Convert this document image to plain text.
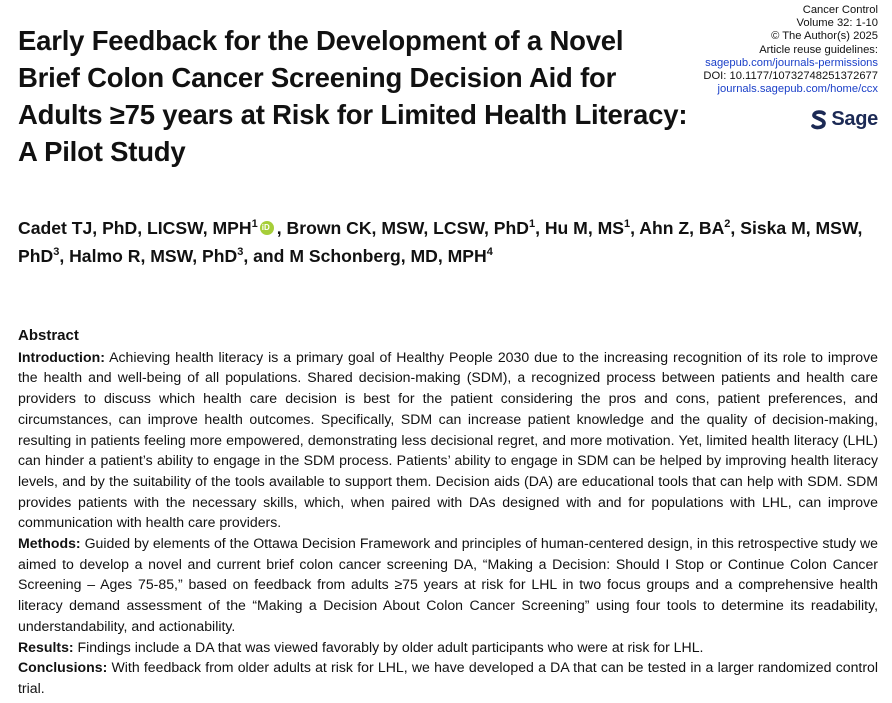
Early Feedback for the Development of a Novel Brief Colon Cancer Screening Decision Aid for Adults ≥75 years at Risk for Limited Health Literacy: A Pilot Study
Cancer Control
Volume 32: 1-10
© The Author(s) 2025
Article reuse guidelines:
sagepub.com/journals-permissions
DOI: 10.1177/10732748251372677
journals.sagepub.com/home/ccx
Sage
Cadet TJ, PhD, LICSW, MPH$^1$iD , Brown CK, MSW, LCSW, PhD$^1$, Hu M, $MS^1$, Ahn Z, $BA^2$, Siska M, MSW, PhD$^3$, Halmo R, MSW, PhD$^3$, and M Schonberg, MD, MPH$^4$
Abstract

Introduction: Achieving health literacy is a primary goal of Healthy People 2030 due to the increasing recognition of its role to improve the health and well-being of all populations. Shared decision-making (SDM), a recognized process between patients and health care providers to discuss which health care decision is best for the patient considering the pros and cons, patient preferences, and circumstances, can improve health outcomes. Specifically, SDM can increase patient knowledge and the quality of decision-making, resulting in patients feeling more empowered, demonstrating less decisional regret, and more motivation. Yet, limited health literacy (LHL) can hinder a patient’s ability to engage in the SDM process. Patients’ ability to engage in SDM can be helped by improving health literacy levels, and by the suitability of the tools available to support them. Decision aids (DA) are educational tools that can help with SDM. SDM provides patients with the necessary skills, which, when paired with DAs designed with and for populations with LHL, can improve communication with health care providers.

Methods: Guided by elements of the Ottawa Decision Framework and principles of human-centered design, in this retrospective study we aimed to develop a novel and current brief colon cancer screening DA, “Making a Decision: Should I Stop or Continue Colon Cancer Screening – Ages 75-85,” based on feedback from adults ≥75 years at risk for LHL in two focus groups and a comprehensive health literacy demand assessment of the “Making a Decision About Colon Cancer Screening” using four tools to determine its readability, understandability, and actionability.

Results: Findings include a DA that was viewed favorably by older adult participants who were at risk for LHL.

Conclusions: With feedback from older adults at risk for LHL, we have developed a DA that can be tested in a larger randomized control trial.
